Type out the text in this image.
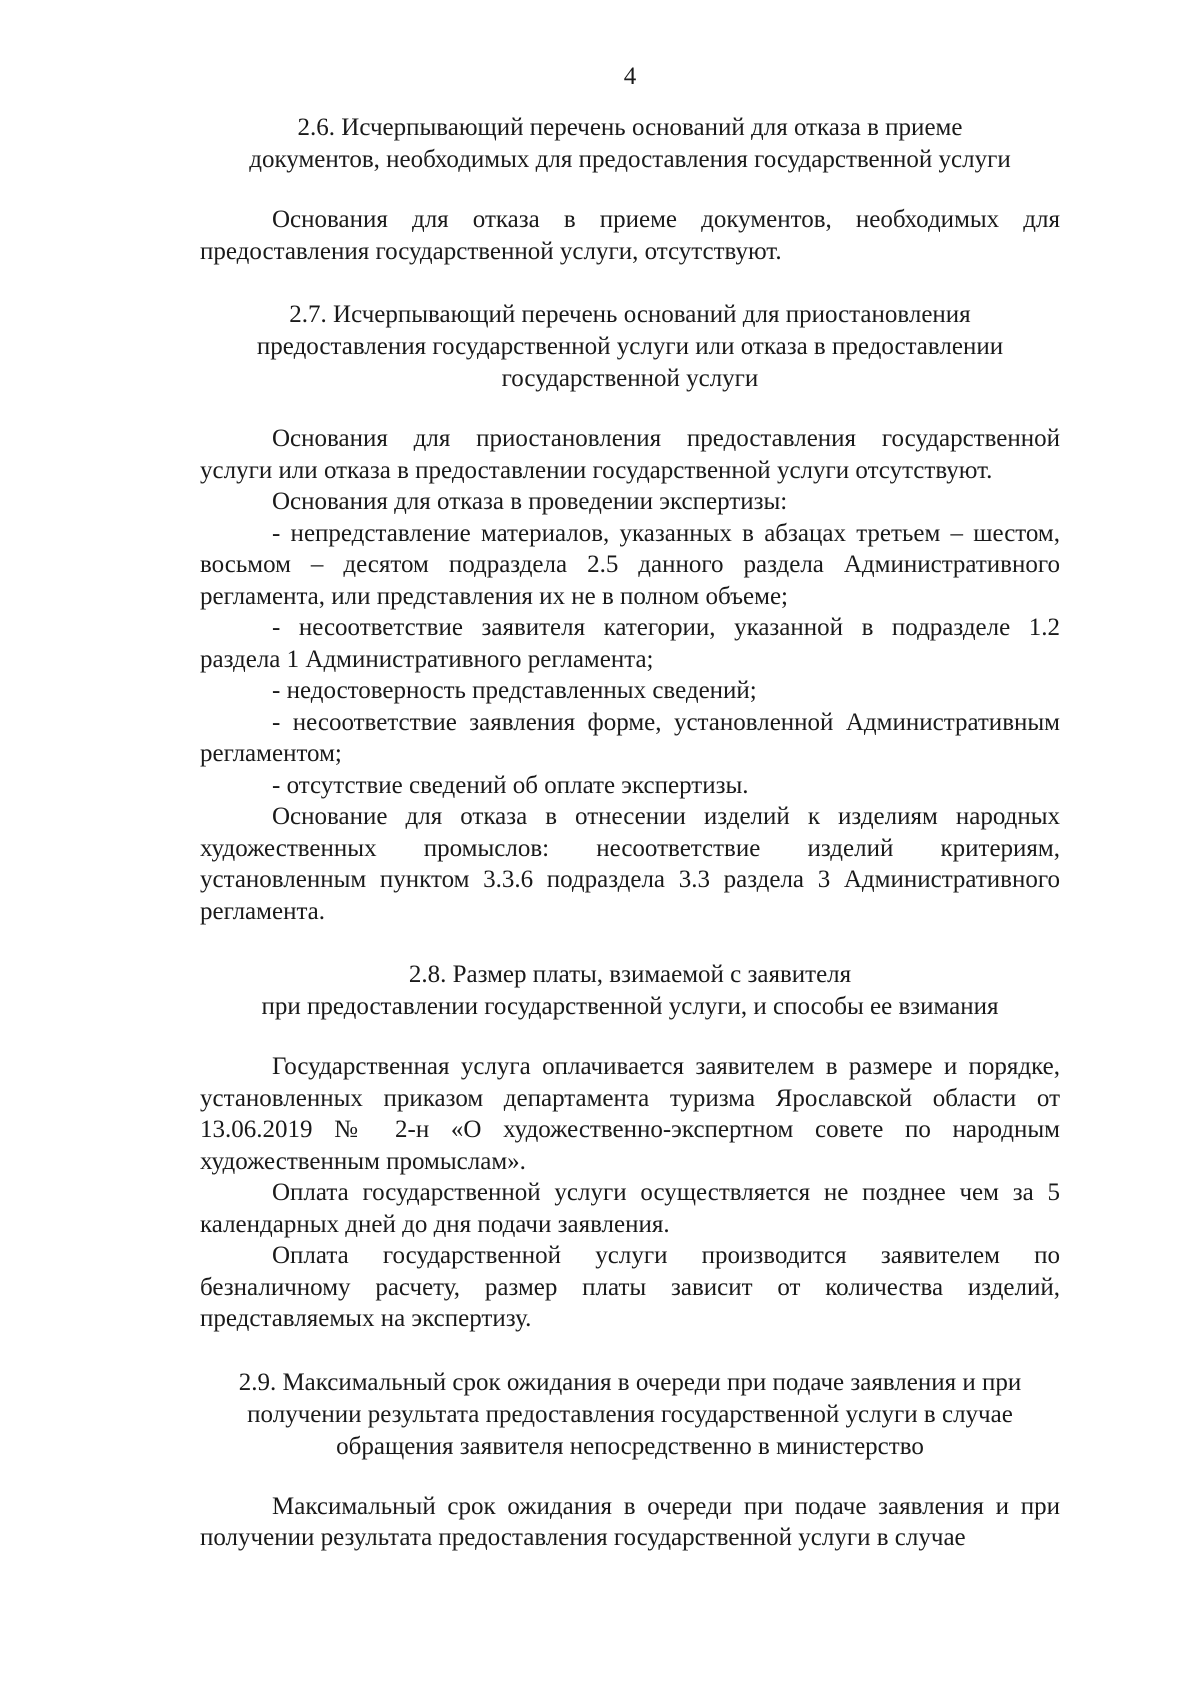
4
2.6. Исчерпывающий перечень оснований для отказа в приеме
документов, необходимых для предоставления государственной услуги

Основания для отказа в приеме документов, необходимых для предоставления государственной услуги, отсутствуют.

2.7. Исчерпывающий перечень оснований для приостановления
предоставления государственной услуги или отказа в предоставлении
государственной услуги

Основания для приостановления предоставления государственной услуги или отказа в предоставлении государственной услуги отсутствуют.

Основания для отказа в проведении экспертизы:

- непредставление материалов, указанных в абзацах третьем – шестом, восьмом – десятом подраздела 2.5 данного раздела Административного регламента, или представления их не в полном объеме;

- несоответствие заявителя категории, указанной в подразделе 1.2 раздела 1 Административного регламента;

- недостоверность представленных сведений;

- несоответствие заявления форме, установленной Административным регламентом;

- отсутствие сведений об оплате экспертизы.

Основание для отказа в отнесении изделий к изделиям народных художественных промыслов: несоответствие изделий критериям, установленным пунктом 3.3.6 подраздела 3.3 раздела 3 Административного регламента.

2.8. Размер платы, взимаемой с заявителя
при предоставлении государственной услуги, и способы ее взимания

Государственная услуга оплачивается заявителем в размере и порядке, установленных приказом департамента туризма Ярославской области от 13.06.2019 № 2-н «О художественно-экспертном совете по народным художественным промыслам».

Оплата государственной услуги осуществляется не позднее чем за 5 календарных дней до дня подачи заявления.

Оплата государственной услуги производится заявителем по безналичному расчету, размер платы зависит от количества изделий, представляемых на экспертизу.

2.9. Максимальный срок ожидания в очереди при подаче заявления и при
получении результата предоставления государственной услуги в случае
обращения заявителя непосредственно в министерство

Максимальный срок ожидания в очереди при подаче заявления и при получении результата предоставления государственной услуги в случае
